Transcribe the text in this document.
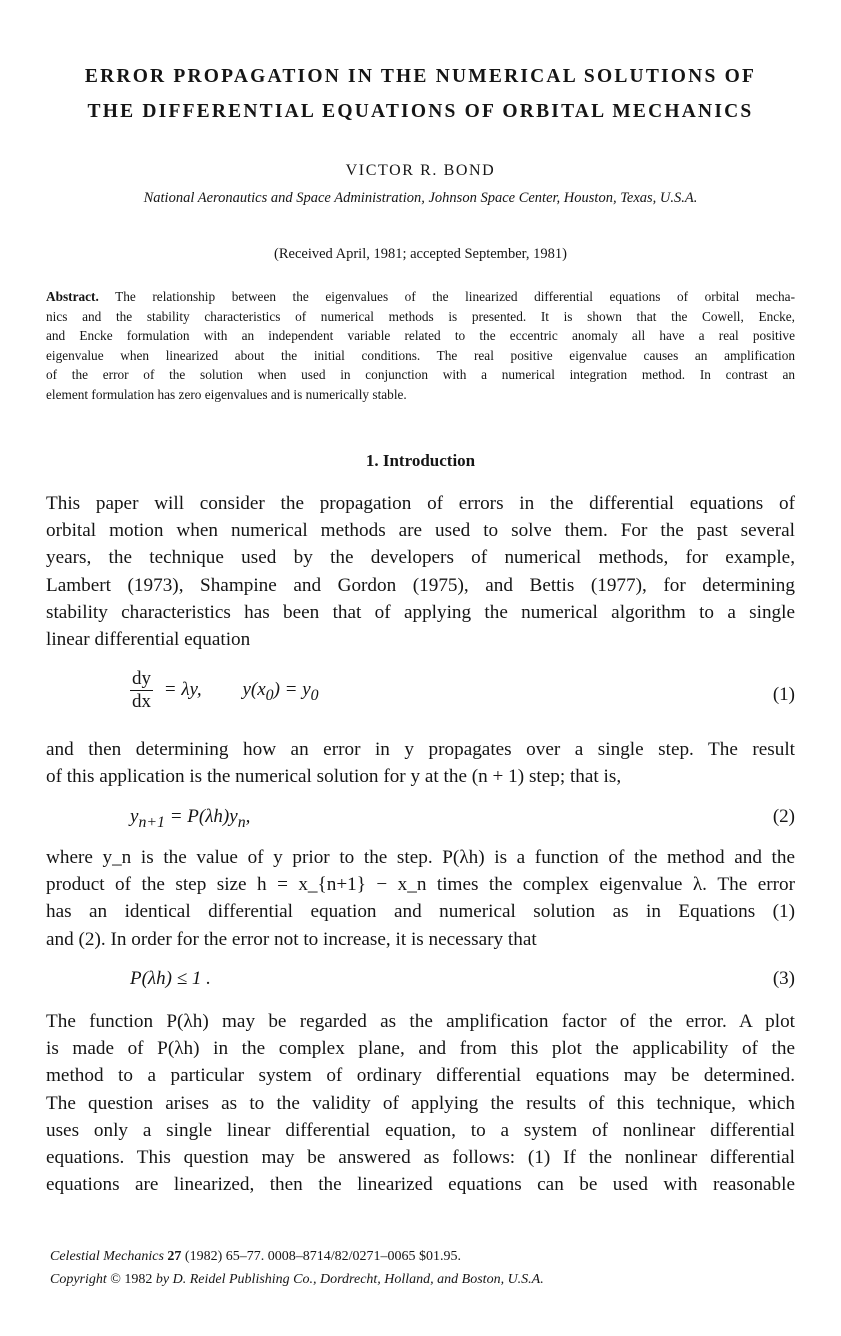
ERROR PROPAGATION IN THE NUMERICAL SOLUTIONS OF
THE DIFFERENTIAL EQUATIONS OF ORBITAL MECHANICS
VICTOR R. BOND
National Aeronautics and Space Administration, Johnson Space Center, Houston, Texas, U.S.A.
(Received April, 1981; accepted September, 1981)
Abstract. The relationship between the eigenvalues of the linearized differential equations of orbital mecha-
nics and the stability characteristics of numerical methods is presented. It is shown that the Cowell, Encke,
and Encke formulation with an independent variable related to the eccentric anomaly all have a real positive
eigenvalue when linearized about the initial conditions. The real positive eigenvalue causes an amplification
of the error of the solution when used in conjunction with a numerical integration method. In contrast an
element formulation has zero eigenvalues and is numerically stable.
1. Introduction
This paper will consider the propagation of errors in the differential equations of
orbital motion when numerical methods are used to solve them. For the past several
years, the technique used by the developers of numerical methods, for example,
Lambert (1973), Shampine and Gordon (1975), and Bettis (1977), for determining
stability characteristics has been that of applying the numerical algorithm to a single
linear differential equation
$\frac{dy}{dx} = \lambda y$, $y(x_0) = y_0$	(1)
and then determining how an error in y propagates over a single step. The result
of this application is the numerical solution for y at the (n + 1) step; that is,
$y_{n+1} = P(\lambda h)y_n$,	(2)
where y_n is the value of y prior to the step. P(λh) is a function of the method and the
product of the step size h = x_{n+1} − x_n times the complex eigenvalue λ. The error
has an identical differential equation and numerical solution as in Equations (1)
and (2). In order for the error not to increase, it is necessary that
P(λh) ≤ 1 .	(3)
The function P(λh) may be regarded as the amplification factor of the error. A plot
is made of P(λh) in the complex plane, and from this plot the applicability of the
method to a particular system of ordinary differential equations may be determined.
The question arises as to the validity of applying the results of this technique, which
uses only a single linear differential equation, to a system of nonlinear differential
equations. This question may be answered as follows: (1) If the nonlinear differential
equations are linearized, then the linearized equations can be used with reasonable
Celestial Mechanics 27 (1982) 65–77. 0008–8714/82/0271–0065 $01.95.
Copyright © 1982 by D. Reidel Publishing Co., Dordrecht, Holland, and Boston, U.S.A.
